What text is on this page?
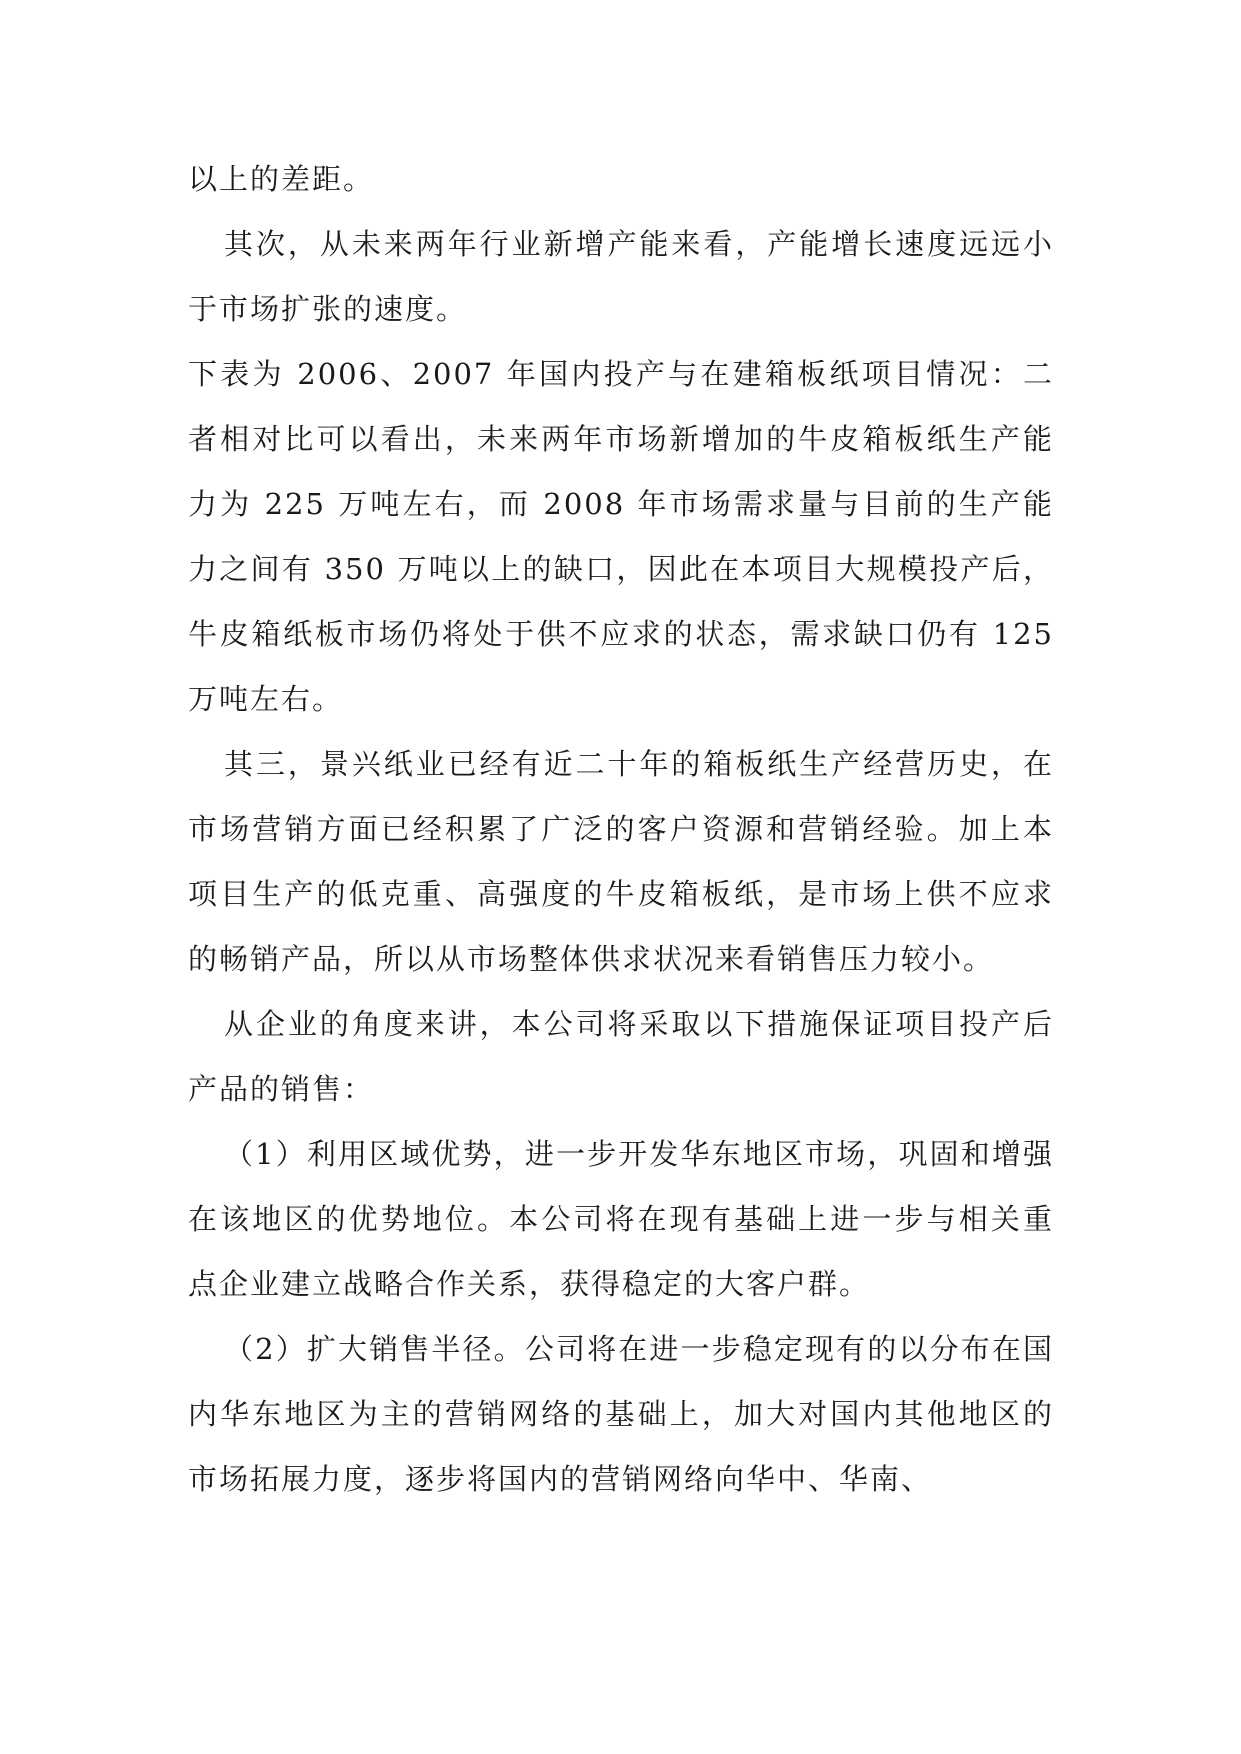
以上的差距。

其次，从未来两年行业新增产能来看，产能增长速度远远小于市场扩张的速度。

下表为 2006、2007 年国内投产与在建箱板纸项目情况：二者相对比可以看出，未来两年市场新增加的牛皮箱板纸生产能力为 225 万吨左右，而 2008 年市场需求量与目前的生产能力之间有 350 万吨以上的缺口，因此在本项目大规模投产后，牛皮箱纸板市场仍将处于供不应求的状态，需求缺口仍有 125 万吨左右。

其三，景兴纸业已经有近二十年的箱板纸生产经营历史，在市场营销方面已经积累了广泛的客户资源和营销经验。加上本项目生产的低克重、高强度的牛皮箱板纸，是市场上供不应求的畅销产品，所以从市场整体供求状况来看销售压力较小。

从企业的角度来讲，本公司将采取以下措施保证项目投产后产品的销售：

（1）利用区域优势，进一步开发华东地区市场，巩固和增强在该地区的优势地位。本公司将在现有基础上进一步与相关重点企业建立战略合作关系，获得稳定的大客户群。

（2）扩大销售半径。公司将在进一步稳定现有的以分布在国内华东地区为主的营销网络的基础上，加大对国内其他地区的市场拓展力度，逐步将国内的营销网络向华中、华南、
